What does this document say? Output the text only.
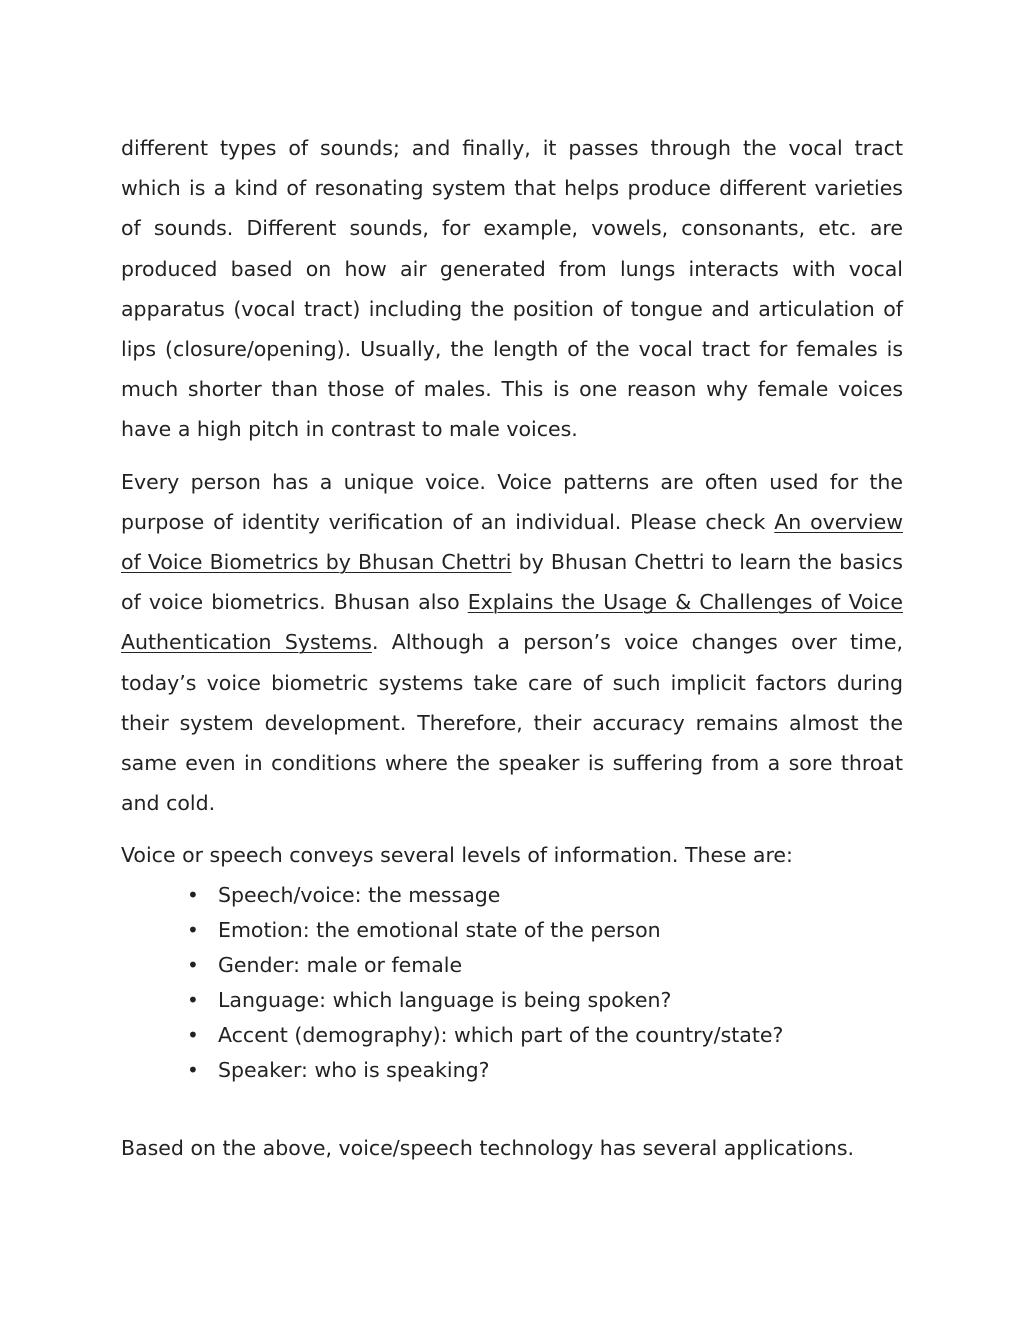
different types of sounds; and finally, it passes through the vocal tract which is a kind of resonating system that helps produce different varieties of sounds. Different sounds, for example, vowels, consonants, etc. are produced based on how air generated from lungs interacts with vocal apparatus (vocal tract) including the position of tongue and articulation of lips (closure/opening). Usually, the length of the vocal tract for females is much shorter than those of males. This is one reason why female voices have a high pitch in contrast to male voices.

Every person has a unique voice. Voice patterns are often used for the purpose of identity verification of an individual. Please check An overview of Voice Biometrics by Bhusan Chettri by Bhusan Chettri to learn the basics of voice biometrics. Bhusan also Explains the Usage & Challenges of Voice Authentication Systems. Although a person’s voice changes over time, today’s voice biometric systems take care of such implicit factors during their system development. Therefore, their accuracy remains almost the same even in conditions where the speaker is suffering from a sore throat and cold.

Voice or speech conveys several levels of information. These are:

• Speech/voice: the message
• Emotion: the emotional state of the person
• Gender: male or female
• Language: which language is being spoken?
• Accent (demography): which part of the country/state?
• Speaker: who is speaking?

Based on the above, voice/speech technology has several applications.
